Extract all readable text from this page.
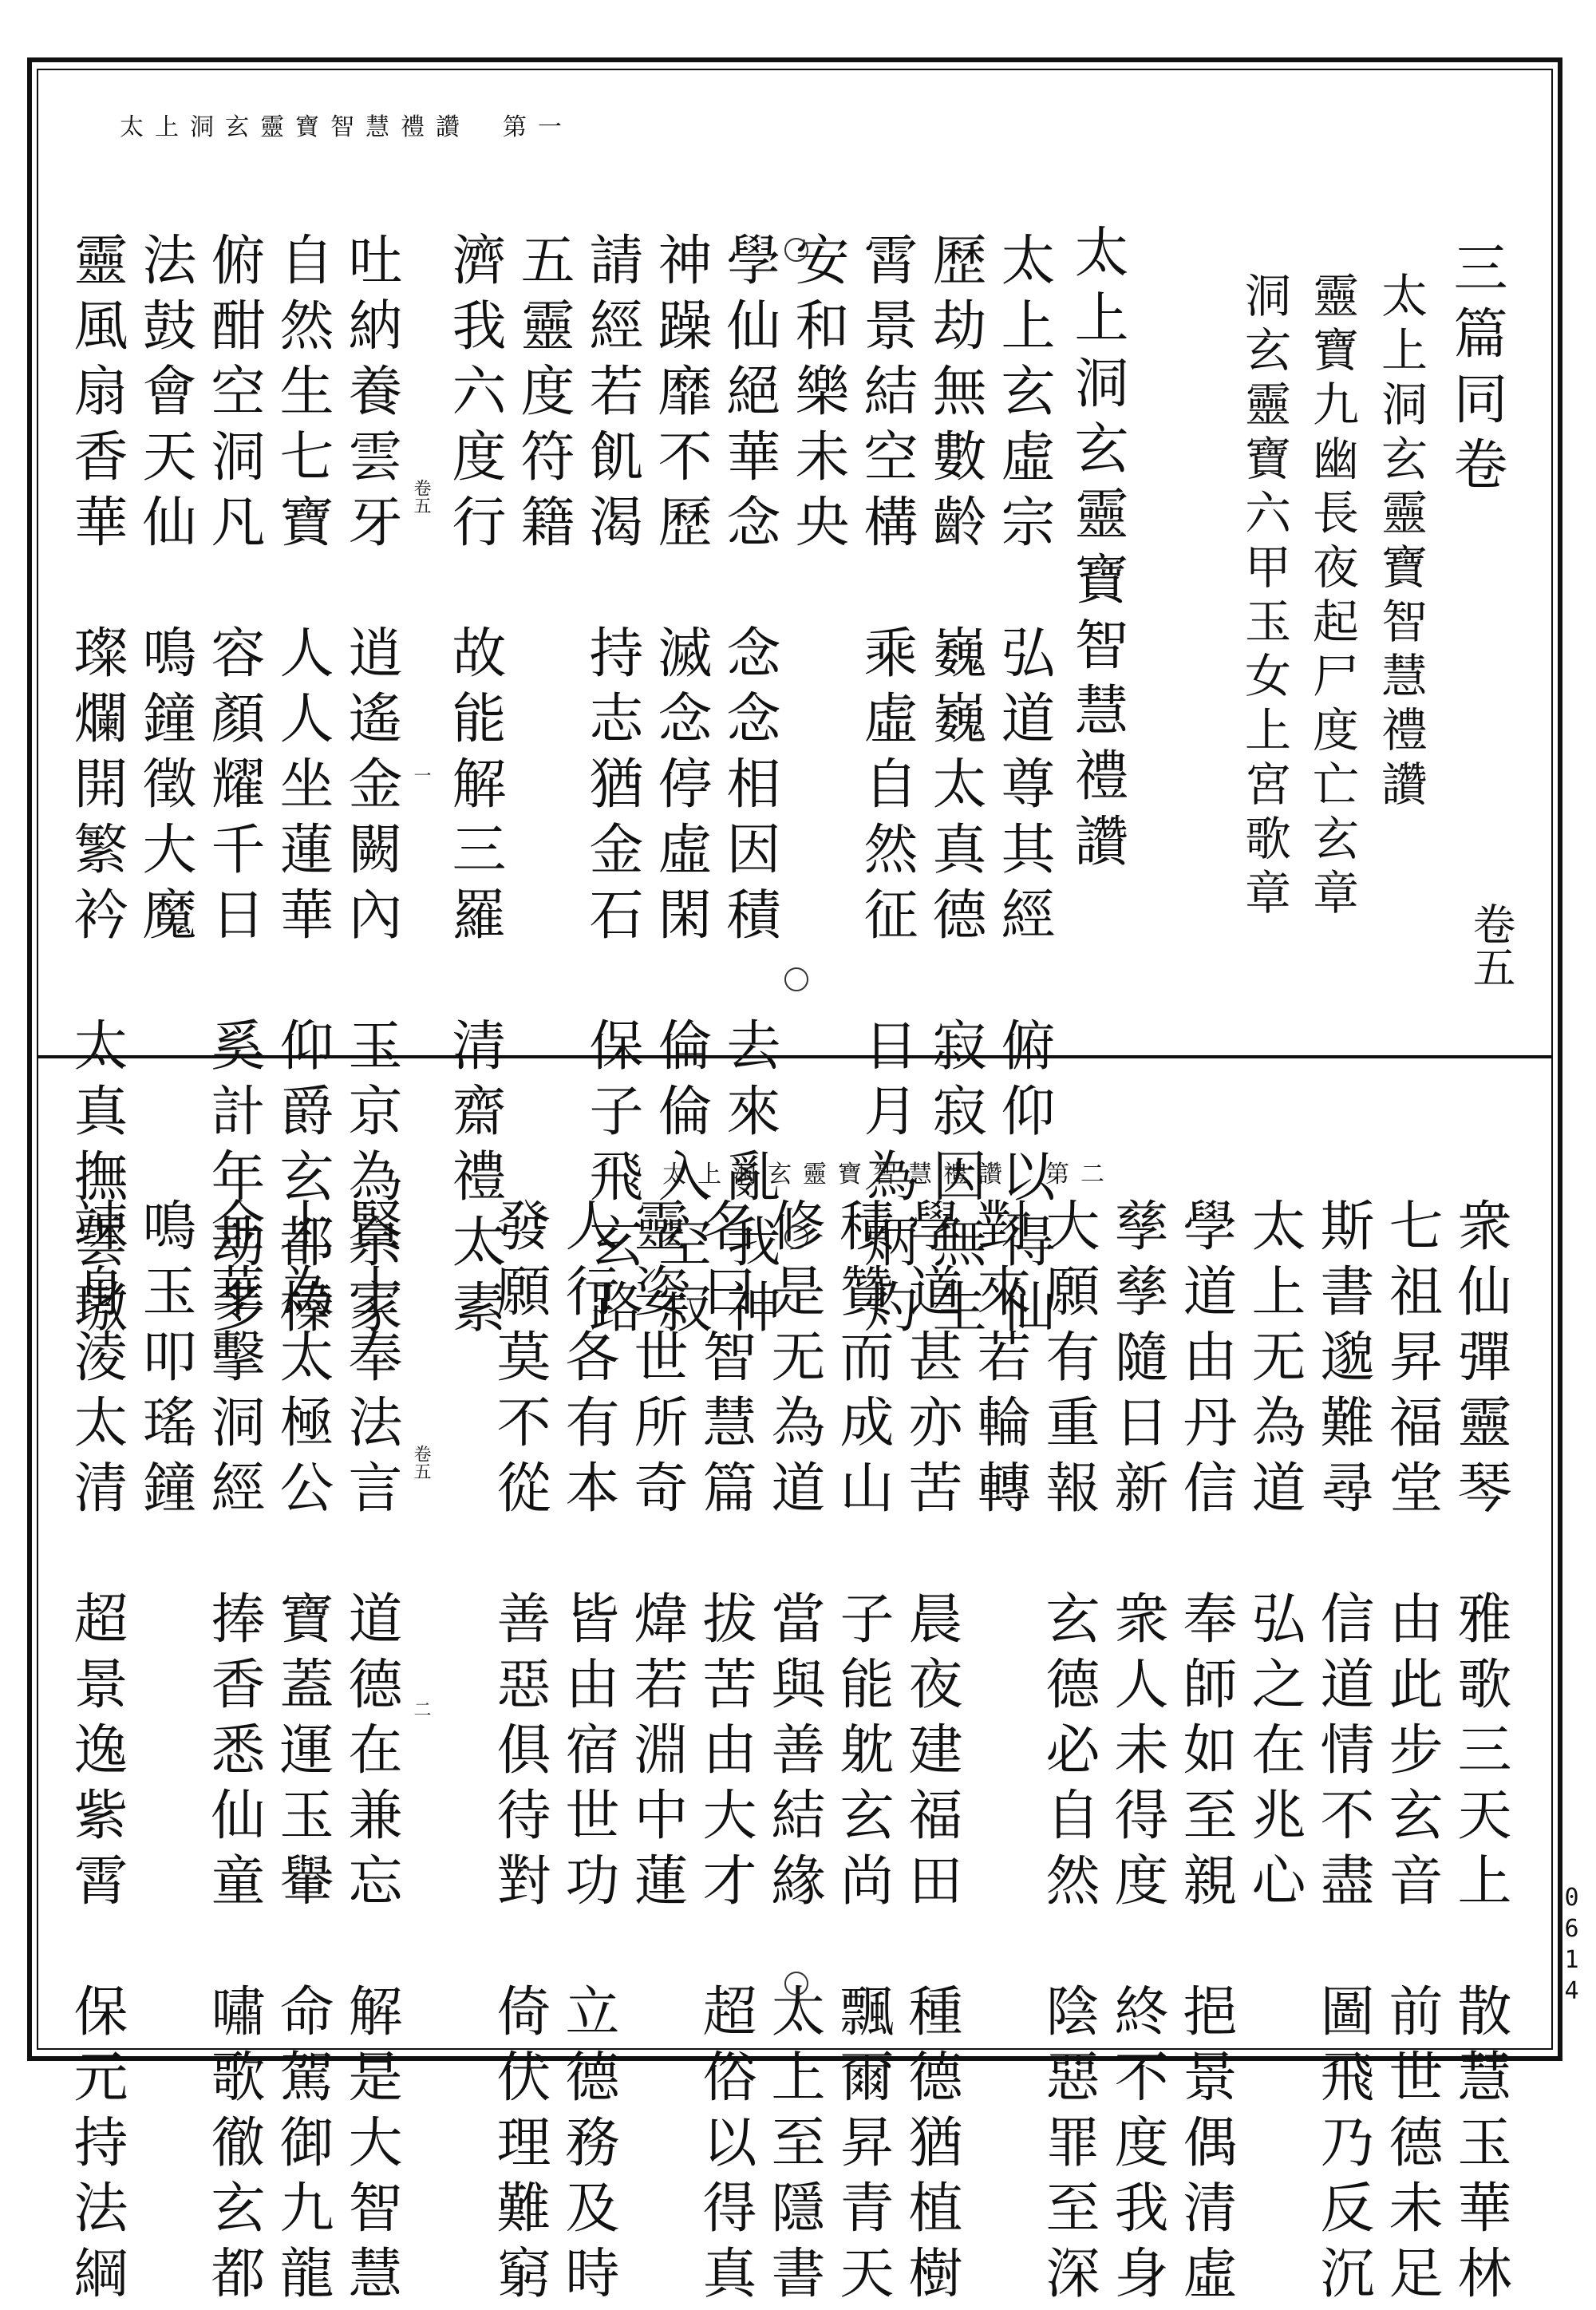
太上洞玄靈寶智慧禮讚 第一
三篇同卷
太上洞玄靈寶智慧禮讚
靈寶九幽長夜起尸度亡玄章
洞玄靈寶六甲玉女上宮歌章
卷五
太上洞玄靈寶智慧禮讚
太上玄虛宗　弘道尊其經　俯仰以得仙
歷劫無數齡　巍巍太真德　寂寂因無生
霄景結空構　乘虛自然征　日月為炳灼
安和樂未央
學仙絕華念　念念相因積　去來亂我神
神躁靡不歷　滅念停虛閑　倫倫入空寂
請經若飢渴　持志猶金石　保子飛玄路
五靈度符籍
濟我六度行　故能解三羅　清齋禮太素
卷五
一
吐納養雲牙　逍遙金闕內　玉京為余家
自然生七寶　人人坐蓮華　仰爵玄都榛
俯酣空洞凡　容顏耀千日　奚計年劫多
法鼓會天仙　鳴鐘徵大魔
靈風扇香華　璨爛開繁衿　太真撫雲璈	太上洞玄靈寶智慧禮讚 第二
衆仙彈靈琴　雅歌三天上　散慧玉華林
七祖昇福堂　由此步玄音　前世德未足
斯書邈難尋　信道情不盡　圖飛乃反沉
太上无為道　弘之在兆心
學道由丹信　奉師如至親　挹景偶清虛
孳孳隨日新　衆人未得度　終不度我身
大願有重報　玄德必自然　陰惡罪至深
對來若輪轉
學道甚亦苦　晨夜建福田　種德猶植樹
積贊而成山　子能躭玄尚　飄爾昇青天
修是无為道　當與善結緣　太上至隱書
名曰智慧篇　拔苦由大才　超俗以得真
靈姿世所奇　煒若淵中蓮
人行各有本　皆由宿世功　立德務及時
發願莫不從　善惡俱待對　倚伏理難窮
卷五
二
賢士奉法言　道德在兼忘　解是大智慧
上為太極公　寶蓋運玉轝　命駕御九龍
金華擊洞經　捧香悉仙童　嘯歌徹玄都
鳴玉叩瑤鐘
竦身淩太清　超景逸紫霄　保元持法綱	0614
